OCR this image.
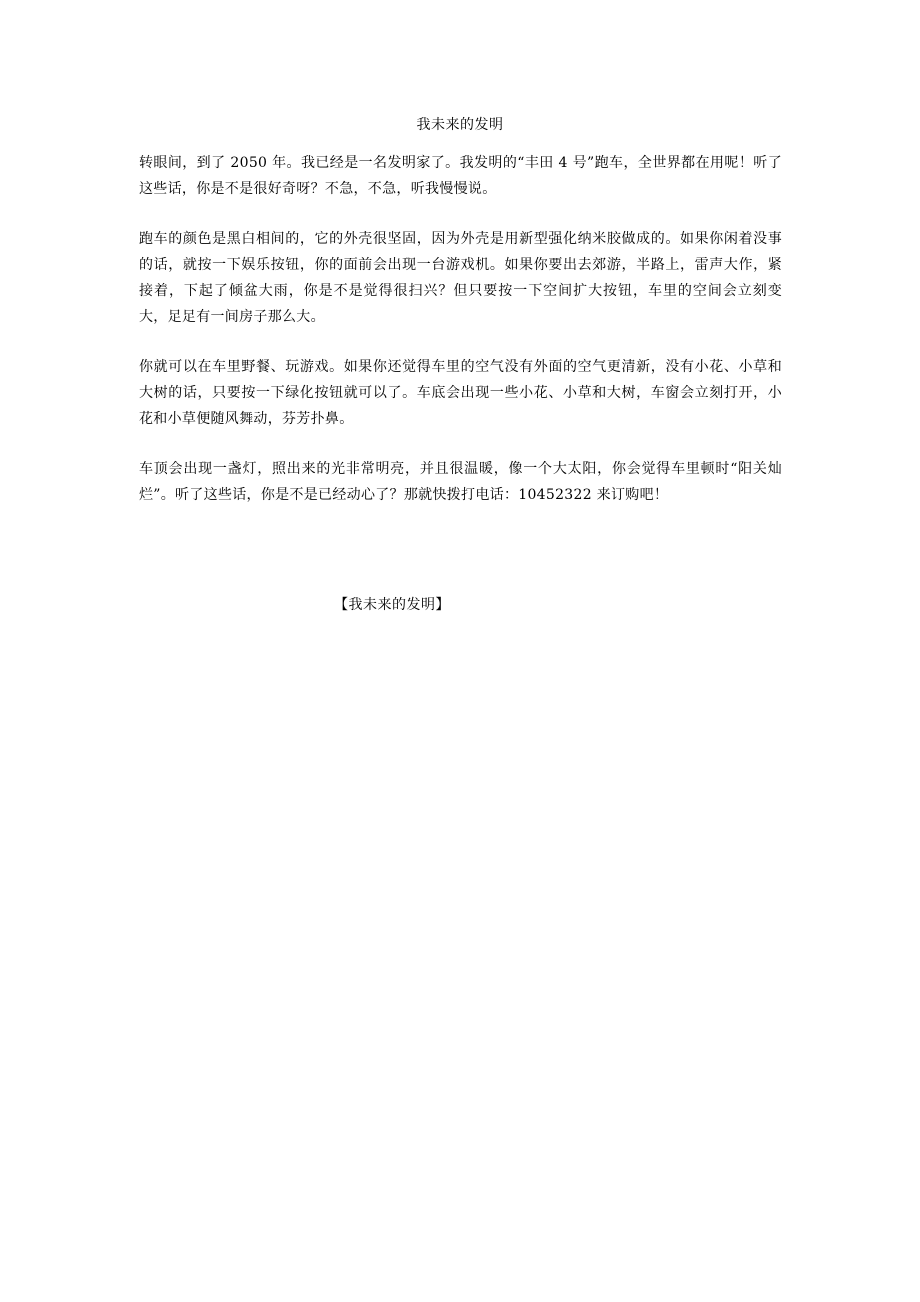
我未来的发明

转眼间，到了 2050 年。我已经是一名发明家了。我发明的“丰田 4 号”跑车，全世界都在用呢！听了这些话，你是不是很好奇呀？不急，不急，听我慢慢说。

跑车的颜色是黑白相间的，它的外壳很坚固，因为外壳是用新型强化纳米胶做成的。如果你闲着没事的话，就按一下娱乐按钮，你的面前会出现一台游戏机。如果你要出去郊游，半路上，雷声大作，紧接着，下起了倾盆大雨，你是不是觉得很扫兴？但只要按一下空间扩大按钮，车里的空间会立刻变大，足足有一间房子那么大。

你就可以在车里野餐、玩游戏。如果你还觉得车里的空气没有外面的空气更清新，没有小花、小草和大树的话，只要按一下绿化按钮就可以了。车底会出现一些小花、小草和大树，车窗会立刻打开，小花和小草便随风舞动，芬芳扑鼻。

车顶会出现一盏灯，照出来的光非常明亮，并且很温暖，像一个大太阳，你会觉得车里顿时“阳关灿烂”。听了这些话，你是不是已经动心了？那就快拨打电话：10452322 来订购吧！

【我未来的发明】
